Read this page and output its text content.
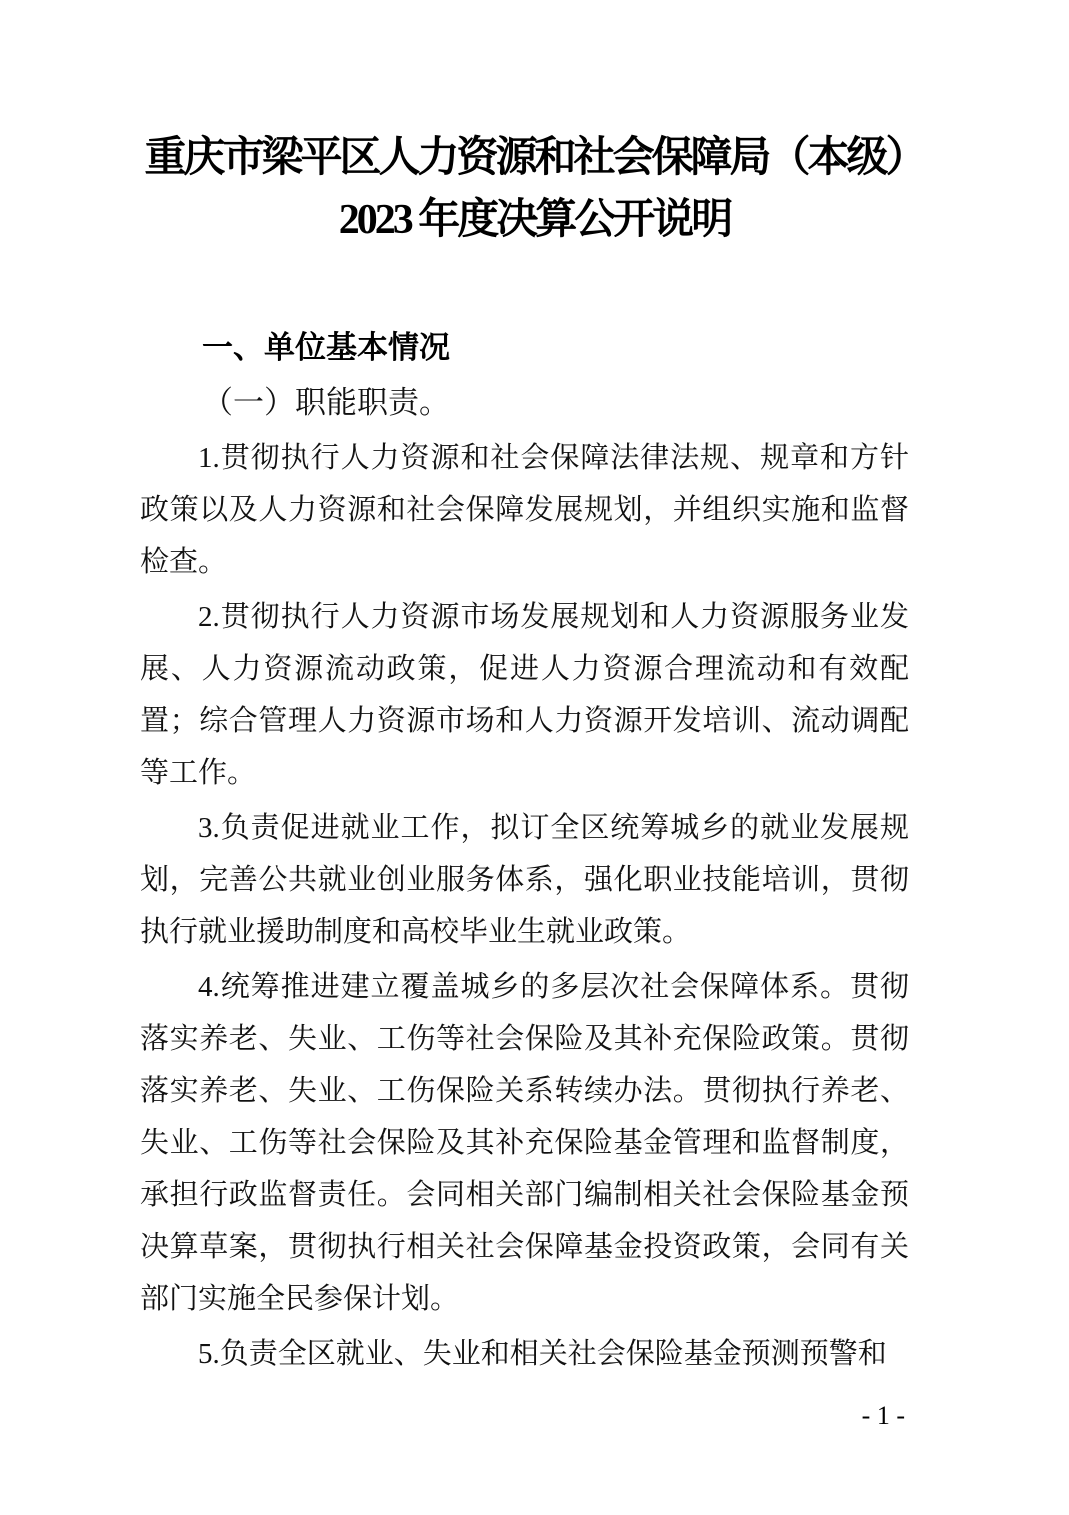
重庆市梁平区人力资源和社会保障局（本级）
2023 年度决算公开说明
一、单位基本情况
（一）职能职责。

1.贯彻执行人力资源和社会保障法律法规、规章和方针政策以及人力资源和社会保障发展规划，并组织实施和监督检查。

2.贯彻执行人力资源市场发展规划和人力资源服务业发展、人力资源流动政策，促进人力资源合理流动和有效配置；综合管理人力资源市场和人力资源开发培训、流动调配等工作。

3.负责促进就业工作，拟订全区统筹城乡的就业发展规划，完善公共就业创业服务体系，强化职业技能培训，贯彻执行就业援助制度和高校毕业生就业政策。

4.统筹推进建立覆盖城乡的多层次社会保障体系。贯彻落实养老、失业、工伤等社会保险及其补充保险政策。贯彻落实养老、失业、工伤保险关系转续办法。贯彻执行养老、失业、工伤等社会保险及其补充保险基金管理和监督制度，承担行政监督责任。会同相关部门编制相关社会保险基金预决算草案，贯彻执行相关社会保障基金投资政策，会同有关部门实施全民参保计划。

5.负责全区就业、失业和相关社会保险基金预测预警和

- 1 -
